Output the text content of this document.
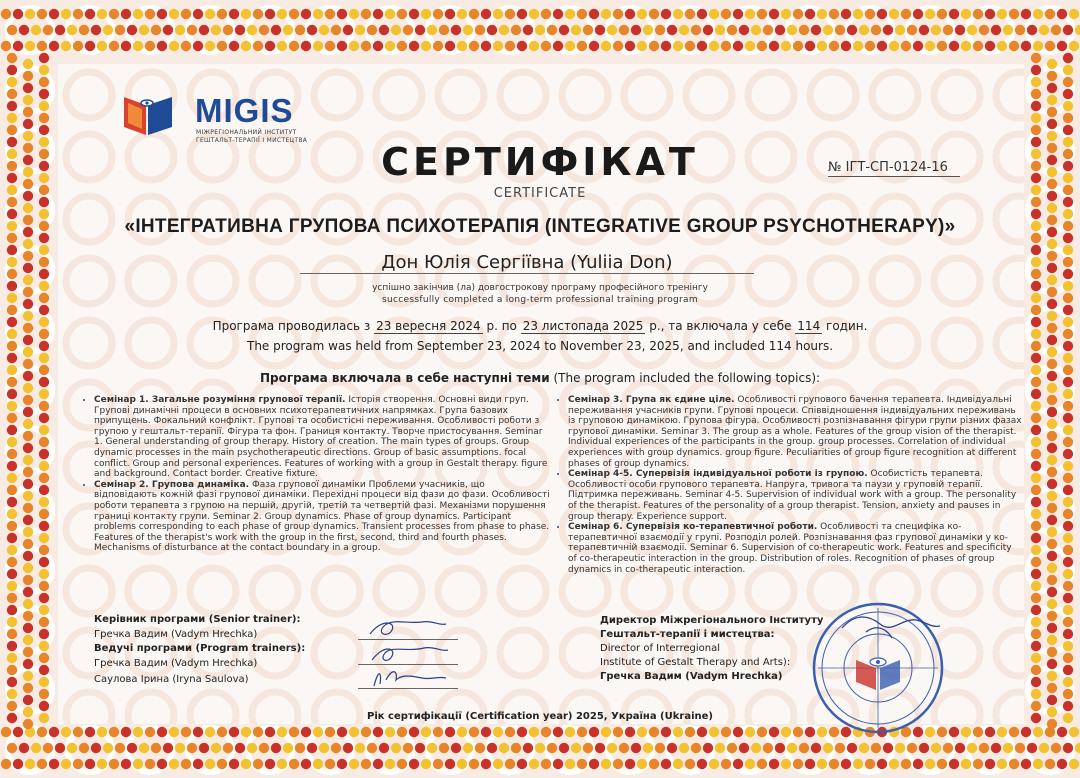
MIGIS
МІЖРЕГІОНАЛЬНИЙ ІНСТИТУТ
ГЕШТАЛЬТ-ТЕРАПІЇ І МИСТЕЦТВА	СЕРТИФІКАТ
CERTIFICATE
№ ІГТ-СП-0124-16
«ІНТЕГРАТИВНА ГРУПОВА ПСИХОТЕРАПІЯ (INTEGRATIVE GROUP PSYCHOTHERAPY)»
Дон Юлія Сергіївна (Yuliia Don)
успішно закінчив (ла) довгострокову програму професійного тренінгу
successfully completed a long-term professional training program
Програма проводилась з 23 вересня 2024 р. по 23 листопада 2025 р., та включала у себе 114 годин.
The program was held from September 23, 2024 to November 23, 2025, and included 114 hours.
Програма включала в себе наступні теми (The program included the following topics):
• Семінар 1. Загальне розуміння групової терапії. Історія створення. Основні види груп. Групові динамічні процеси в основних психотерапевтичних напрямках. Група базових припущень. Фокальний конфлікт. Групові та особистісні переживання. Особливості роботи з групою у гештальт-терапії. Фігура та фон. Границя контакту. Творче пристосування. Seminar 1. General understanding of group therapy. History of creation. The main types of groups. Group dynamic processes in the main psychotherapeutic directions. Group of basic assumptions. focal conflict. Group and personal experiences. Features of working with a group in Gestalt therapy. figure and background. Contact border. Creative fixture.
• Семінар 2. Групова динаміка. Фаза групової динаміки Проблеми учасників, що відповідають кожній фазі групової динаміки. Перехідні процеси від фази до фази. Особливості роботи терапевта з групою на першій, другій, третій та четвертій фазі. Механізми порушення границі контакту групи. Seminar 2. Group dynamics. Phase of group dynamics. Participant problems corresponding to each phase of group dynamics. Transient processes from phase to phase. Features of the therapist's work with the group in the first, second, third and fourth phases. Mechanisms of disturbance at the contact boundary in a group.
• Семінар 3. Група як єдине ціле. Особливості групового бачення терапевта. Індивідуальні переживання учасників групи. Групові процеси. Співвідношення індивідуальних переживань із груповою динамікою. Групова фігура. Особливості розпізнавання фігури групи різних фазах групової динаміки. Seminar 3. The group as a whole. Features of the group vision of the therapist. Individual experiences of the participants in the group. group processes. Correlation of individual experiences with group dynamics. group figure. Peculiarities of group figure recognition at different phases of group dynamics.
• Семінар 4-5. Супервізія індивідуальної роботи із групою. Особистість терапевта. Особливості особи групового терапевта. Напруга, тривога та паузи у груповій терапії. Підтримка переживань. Seminar 4-5. Supervision of individual work with a group. The personality of the therapist. Features of the personality of a group therapist. Tension, anxiety and pauses in group therapy. Experience support.
• Семінар 6. Супервізія ко-терапевтичної роботи. Особливості та специфіка ко-терапевтичної взаємодії у групі. Розподіл ролей. Розпізнавання фаз групової динаміки у ко-терапевтичній взаємодії. Seminar 6. Supervision of co-therapeutic work. Features and specificity of co-therapeutic interaction in the group. Distribution of roles. Recognition of phases of group dynamics in co-therapeutic interaction.
Керівник програми (Senior trainer):
Гречка Вадим (Vadym Hrechka)
Ведучі програми (Program trainers):
Гречка Вадим (Vadym Hrechka)
Саулова Ірина (Iryna Saulova)
Директор Міжрегіонального Інституту
Гештальт-терапії і мистецтва:
Director of Interregional
Institute of Gestalt Therapy and Arts):
Гречка Вадим (Vadym Hrechka)
Рік сертифікації (Certification year) 2025, Україна (Ukraine)
